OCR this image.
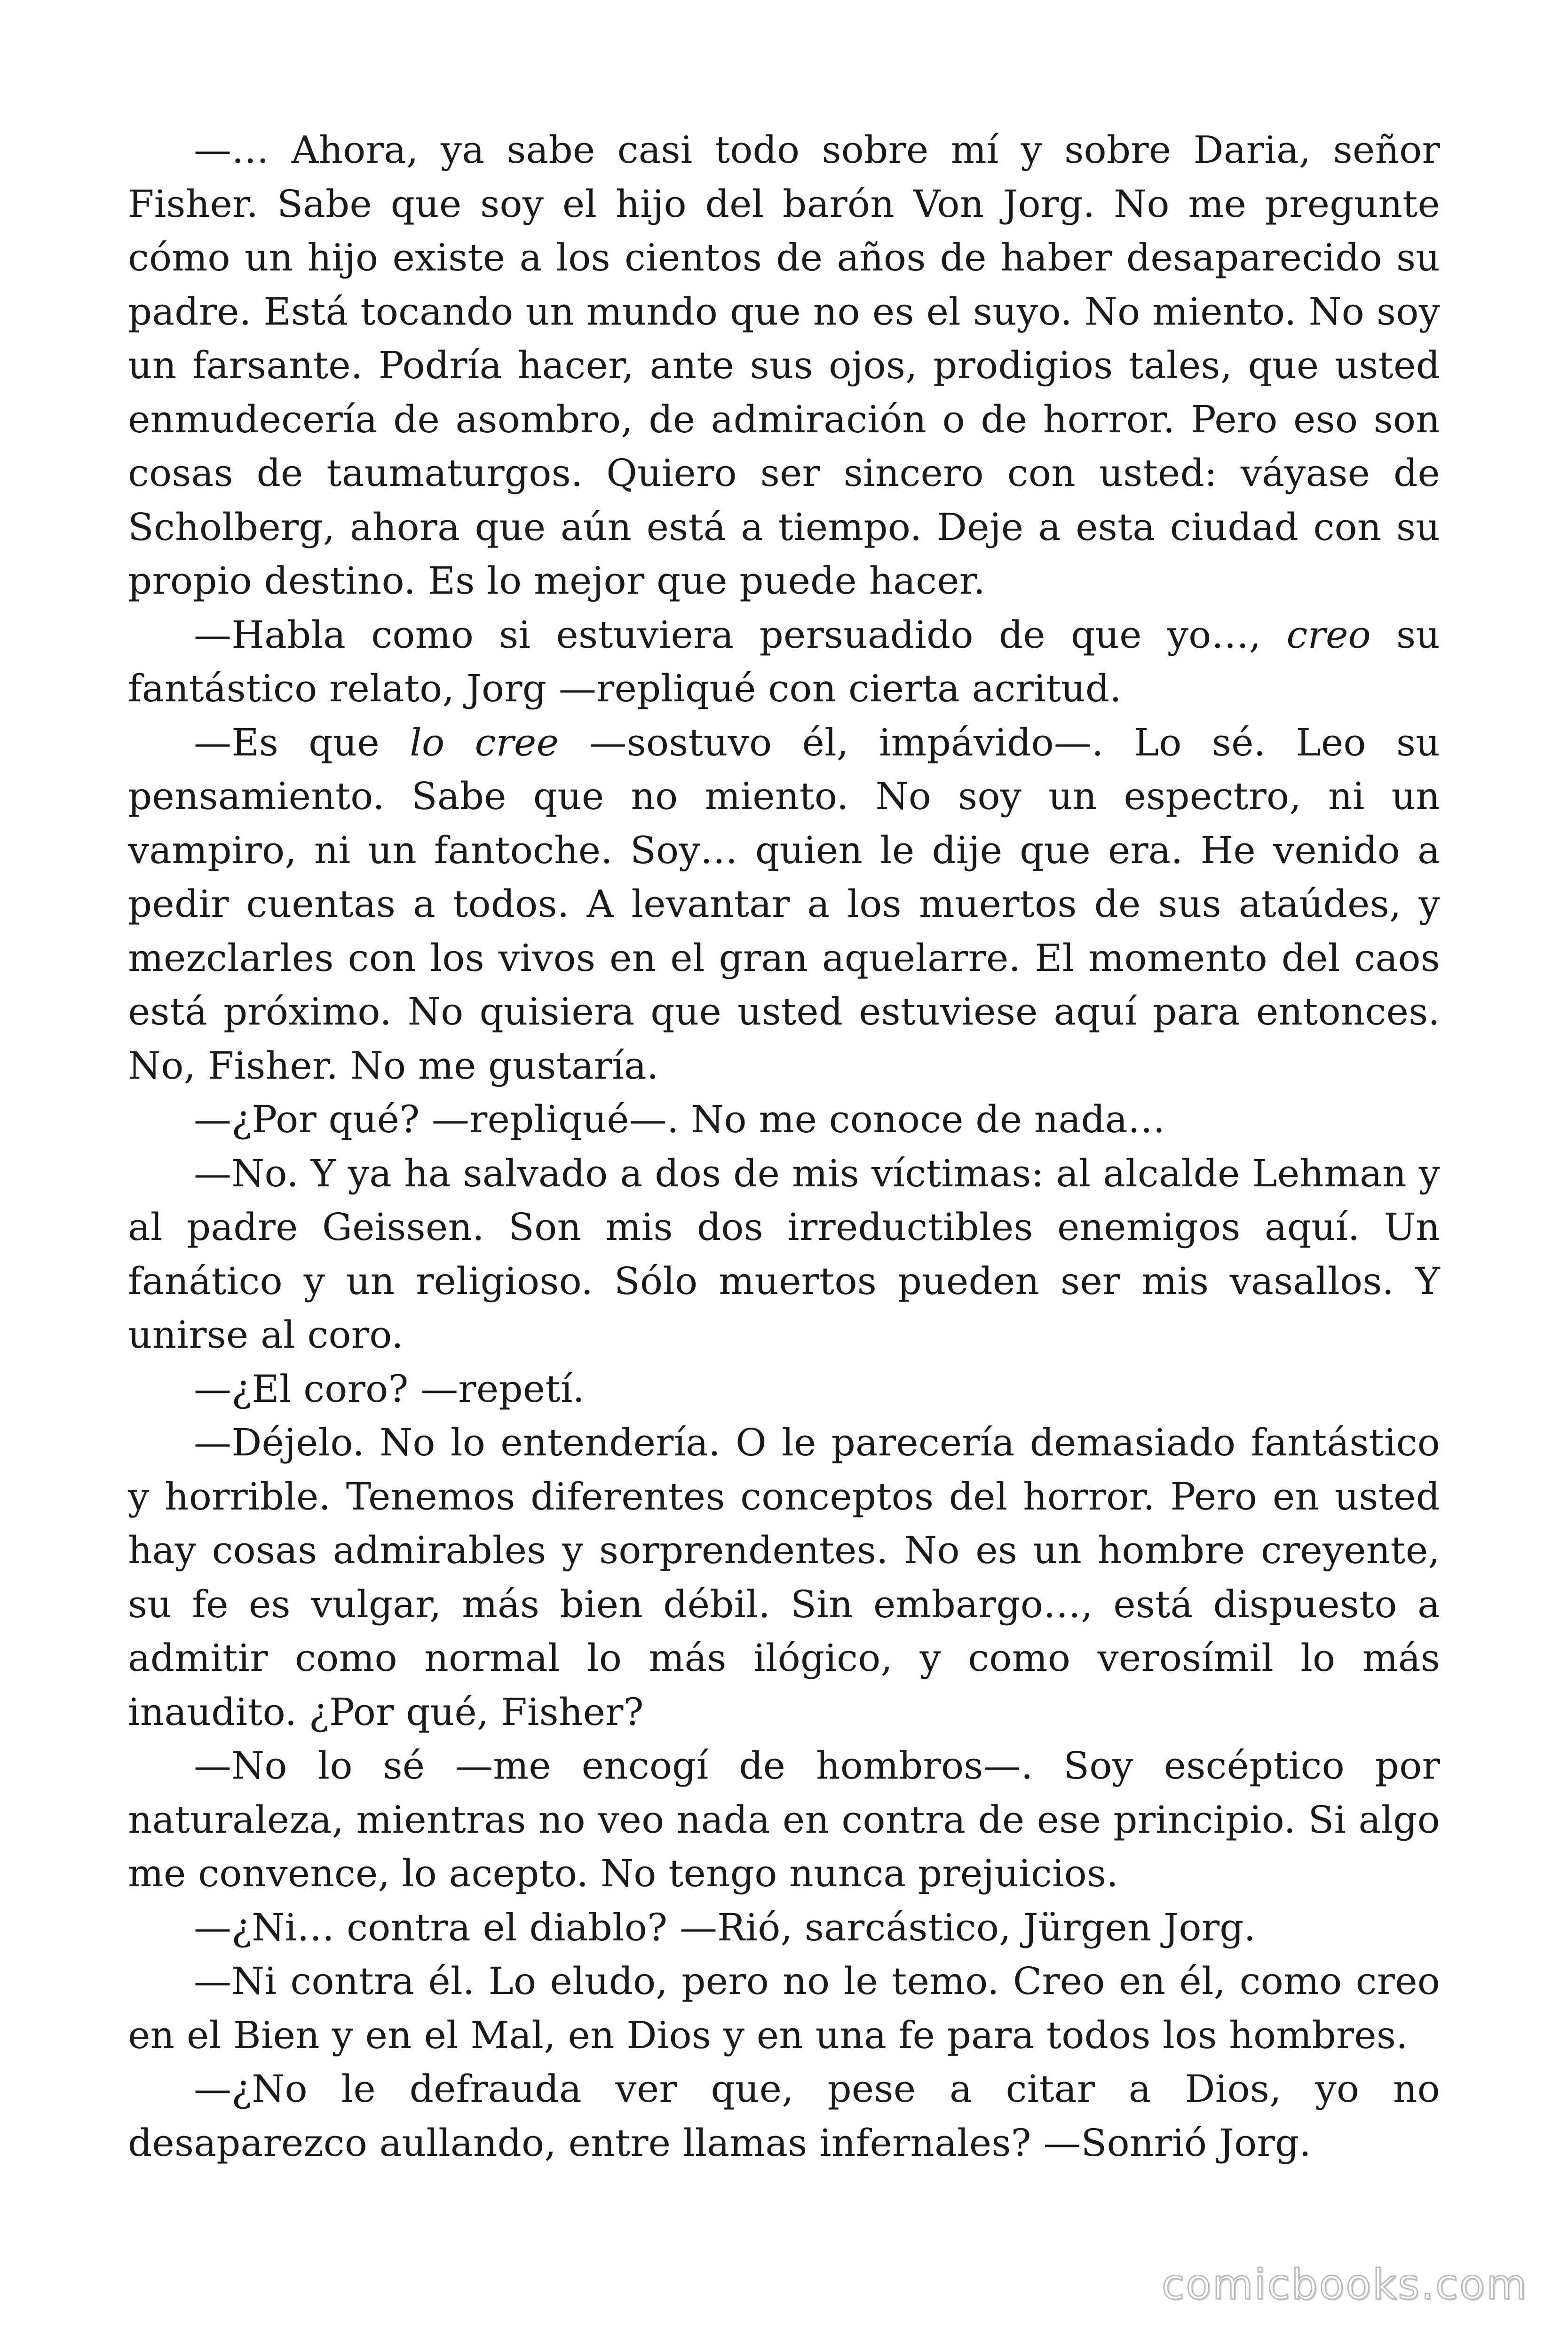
—… Ahora, ya sabe casi todo sobre mí y sobre Daria, señor Fisher. Sabe que soy el hijo del barón Von Jorg. No me pregunte cómo un hijo existe a los cientos de años de haber desaparecido su padre. Está tocando un mundo que no es el suyo. No miento. No soy un farsante. Podría hacer, ante sus ojos, prodigios tales, que usted enmudecería de asombro, de admiración o de horror. Pero eso son cosas de taumaturgos. Quiero ser sincero con usted: váyase de Scholberg, ahora que aún está a tiempo. Deje a esta ciudad con su propio destino. Es lo mejor que puede hacer.

—Habla como si estuviera persuadido de que yo…, creo su fantástico relato, Jorg —repliqué con cierta acritud.

—Es que lo cree —sostuvo él, impávido—. Lo sé. Leo su pensamiento. Sabe que no miento. No soy un espectro, ni un vampiro, ni un fantoche. Soy… quien le dije que era. He venido a pedir cuentas a todos. A levantar a los muertos de sus ataúdes, y mezclarles con los vivos en el gran aquelarre. El momento del caos está próximo. No quisiera que usted estuviese aquí para entonces. No, Fisher. No me gustaría.

—¿Por qué? —repliqué—. No me conoce de nada…

—No. Y ya ha salvado a dos de mis víctimas: al alcalde Lehman y al padre Geissen. Son mis dos irreductibles enemigos aquí. Un fanático y un religioso. Sólo muertos pueden ser mis vasallos. Y unirse al coro.

—¿El coro? —repetí.

—Déjelo. No lo entendería. O le parecería demasiado fantástico y horrible. Tenemos diferentes conceptos del horror. Pero en usted hay cosas admirables y sorprendentes. No es un hombre creyente, su fe es vulgar, más bien débil. Sin embargo…, está dispuesto a admitir como normal lo más ilógico, y como verosímil lo más inaudito. ¿Por qué, Fisher?

—No lo sé —me encogí de hombros—. Soy escéptico por naturaleza, mientras no veo nada en contra de ese principio. Si algo me convence, lo acepto. No tengo nunca prejuicios.

—¿Ni… contra el diablo? —Rió, sarcástico, Jürgen Jorg.

—Ni contra él. Lo eludo, pero no le temo. Creo en él, como creo en el Bien y en el Mal, en Dios y en una fe para todos los hombres.

—¿No le defrauda ver que, pese a citar a Dios, yo no desaparezco aullando, entre llamas infernales? —Sonrió Jorg.

comicbooks.com
